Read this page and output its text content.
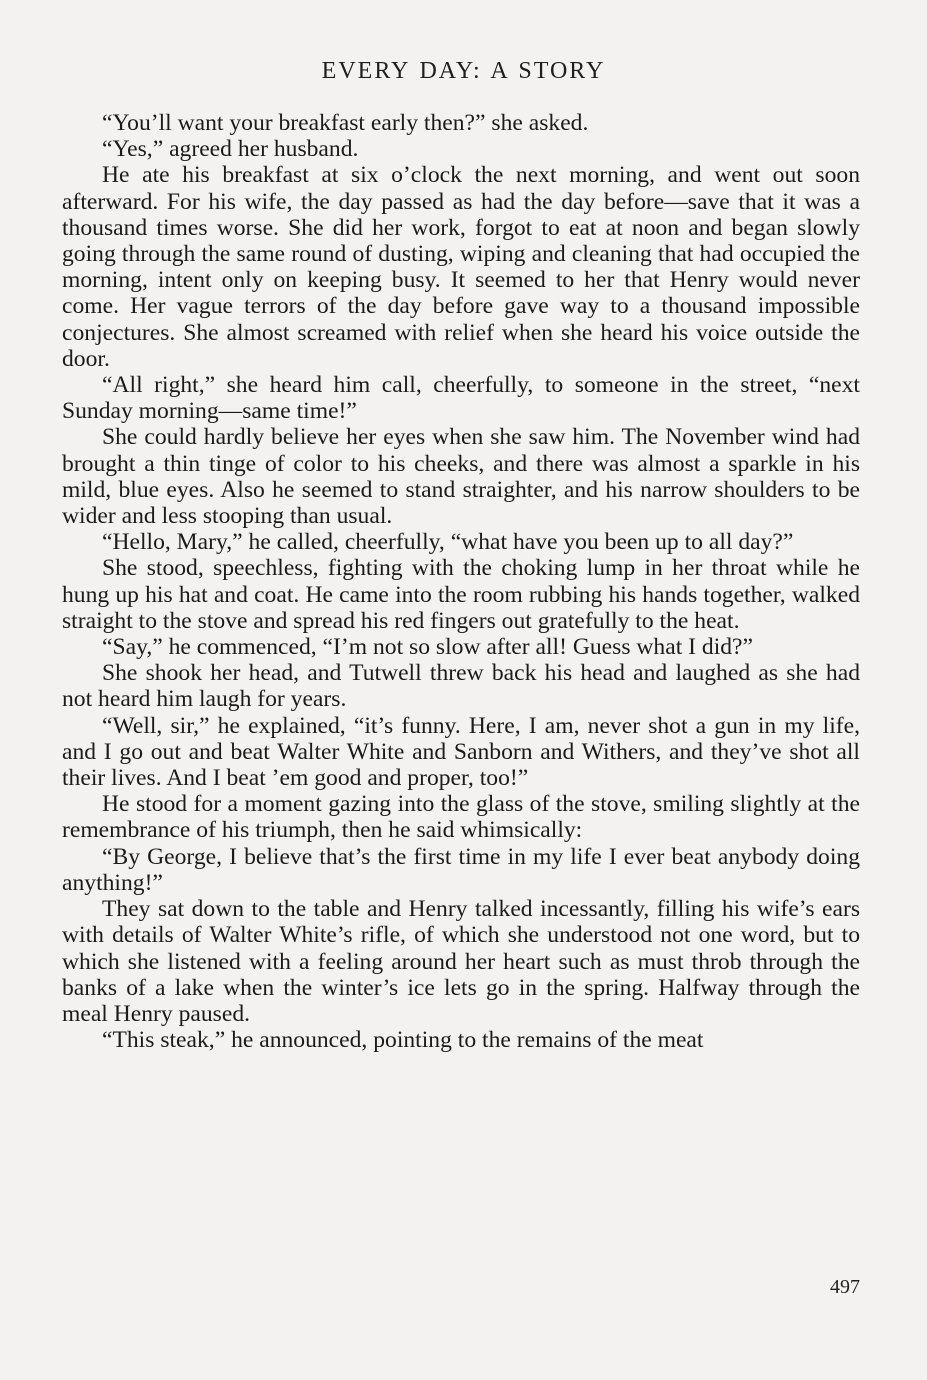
EVERY DAY: A STORY

“You’ll want your breakfast early then?” she asked.

“Yes,” agreed her husband.

He ate his breakfast at six o’clock the next morning, and went out soon afterward. For his wife, the day passed as had the day before—save that it was a thousand times worse. She did her work, forgot to eat at noon and began slowly going through the same round of dusting, wiping and cleaning that had occupied the morning, intent only on keeping busy. It seemed to her that Henry would never come. Her vague terrors of the day before gave way to a thousand impossible conjectures. She almost screamed with relief when she heard his voice outside the door.

“All right,” she heard him call, cheerfully, to someone in the street, “next Sunday morning—same time!”

She could hardly believe her eyes when she saw him. The November wind had brought a thin tinge of color to his cheeks, and there was almost a sparkle in his mild, blue eyes. Also he seemed to stand straighter, and his narrow shoulders to be wider and less stooping than usual.

“Hello, Mary,” he called, cheerfully, “what have you been up to all day?”

She stood, speechless, fighting with the choking lump in her throat while he hung up his hat and coat. He came into the room rubbing his hands together, walked straight to the stove and spread his red fingers out gratefully to the heat.

“Say,” he commenced, “I’m not so slow after all! Guess what I did?”

She shook her head, and Tutwell threw back his head and laughed as she had not heard him laugh for years.

“Well, sir,” he explained, “it’s funny. Here, I am, never shot a gun in my life, and I go out and beat Walter White and Sanborn and Withers, and they’ve shot all their lives. And I beat ’em good and proper, too!”

He stood for a moment gazing into the glass of the stove, smiling slightly at the remembrance of his triumph, then he said whimsically:

“By George, I believe that’s the first time in my life I ever beat anybody doing anything!”

They sat down to the table and Henry talked incessantly, filling his wife’s ears with details of Walter White’s rifle, of which she understood not one word, but to which she listened with a feeling around her heart such as must throb through the banks of a lake when the winter’s ice lets go in the spring. Halfway through the meal Henry paused.

“This steak,” he announced, pointing to the remains of the meat

497
